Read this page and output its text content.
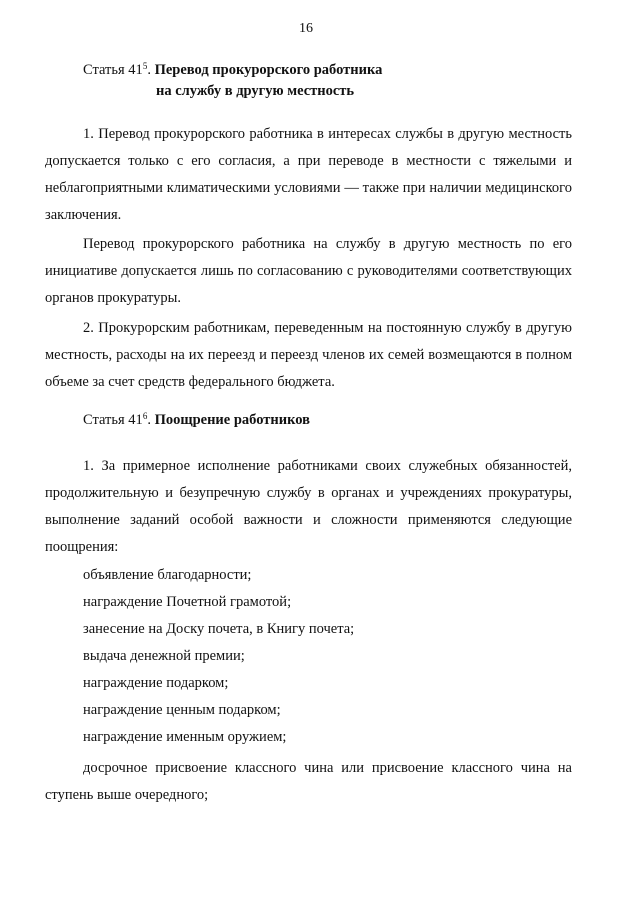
16
Статья $41^5$. Перевод прокурорского работника
на службу в другую местность

1. Перевод прокурорского работника в интересах службы в другую местность допускается только с его согласия, а при переводе в местности с тяжелыми и неблагоприятными климатическими условиями — также при наличии медицинского заключения.

Перевод прокурорского работника на службу в другую местность по его инициативе допускается лишь по согласованию с руководителями соответствующих органов прокуратуры.

2. Прокурорским работникам, переведенным на постоянную службу в другую местность, расходы на их переезд и переезд членов их семей возмещаются в полном объеме за счет средств федерального бюджета.

Статья $41^6$. Поощрение работников

1. За примерное исполнение работниками своих служебных обязанностей, продолжительную и безупречную службу в органах и учреждениях прокуратуры, выполнение заданий особой важности и сложности применяются следующие поощрения:

объявление благодарности;
награждение Почетной грамотой;
занесение на Доску почета, в Книгу почета;
выдача денежной премии;
награждение подарком;
награждение ценным подарком;
награждение именным оружием;

досрочное присвоение классного чина или присвоение классного чина на ступень выше очередного;
